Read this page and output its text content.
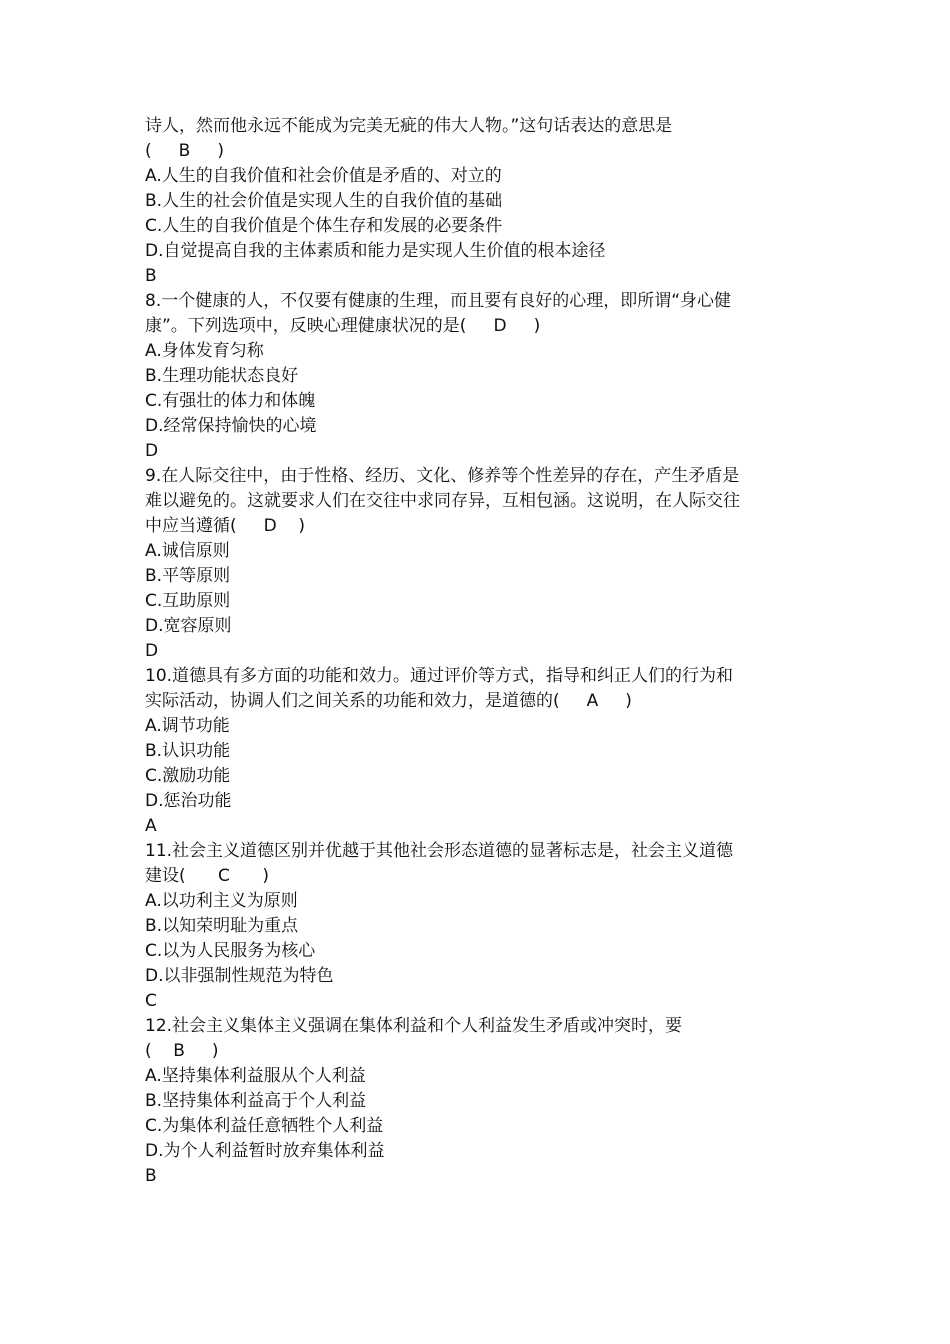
诗人，然而他永远不能成为完美无疵的伟大人物。”这句话表达的意思是
(     B     )
A.人生的自我价值和社会价值是矛盾的、对立的
B.人生的社会价值是实现人生的自我价值的基础
C.人生的自我价值是个体生存和发展的必要条件
D.自觉提高自我的主体素质和能力是实现人生价值的根本途径
B
8.一个健康的人，不仅要有健康的生理，而且要有良好的心理，即所谓“身心健
康”。下列选项中，反映心理健康状况的是(     D     )
A.身体发育匀称
B.生理功能状态良好
C.有强壮的体力和体魄
D.经常保持愉快的心境
D
9.在人际交往中，由于性格、经历、文化、修养等个性差异的存在，产生矛盾是
难以避免的。这就要求人们在交往中求同存异，互相包涵。这说明，在人际交往
中应当遵循(     D    )
A.诚信原则
B.平等原则
C.互助原则
D.宽容原则
D
10.道德具有多方面的功能和效力。通过评价等方式，指导和纠正人们的行为和
实际活动，协调人们之间关系的功能和效力，是道德的(     A     )
A.调节功能
B.认识功能
C.激励功能
D.惩治功能
A
11.社会主义道德区别并优越于其他社会形态道德的显著标志是，社会主义道德
建设(      C      )
A.以功利主义为原则
B.以知荣明耻为重点
C.以为人民服务为核心
D.以非强制性规范为特色
C
12.社会主义集体主义强调在集体利益和个人利益发生矛盾或冲突时，要
(    B     )
A.坚持集体利益服从个人利益
B.坚持集体利益高于个人利益
C.为集体利益任意牺牲个人利益
D.为个人利益暂时放弃集体利益
B
